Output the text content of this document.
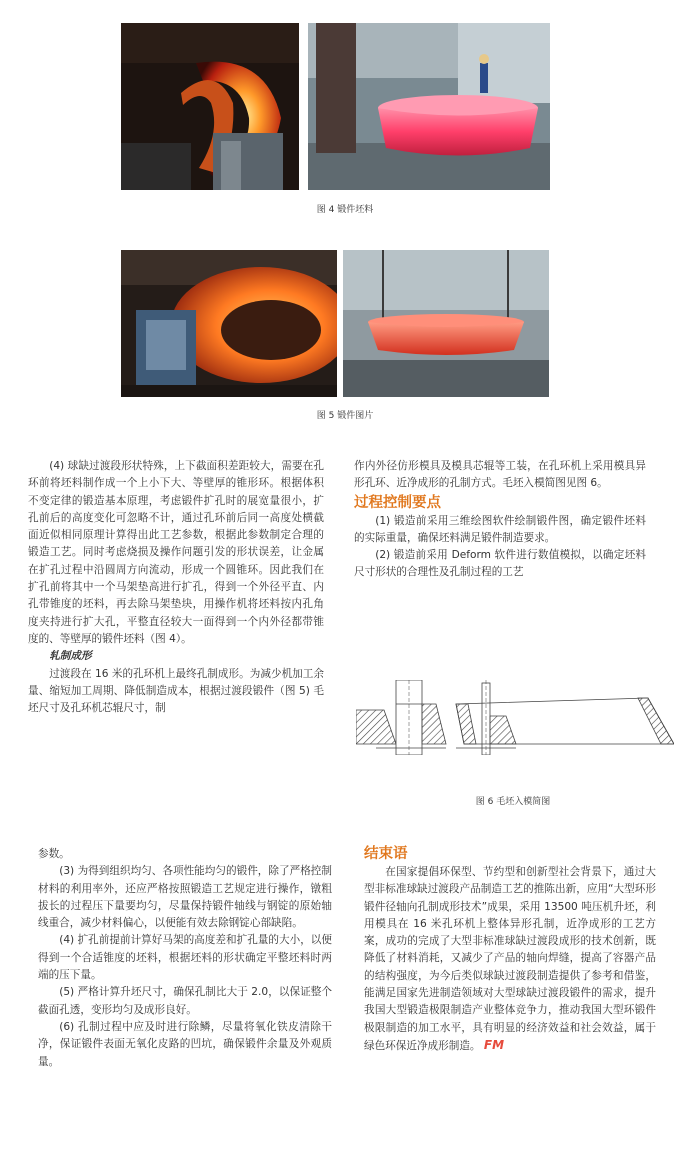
图 4 锻件坯料
图 5 锻件图片

(4) 球缺过渡段形状特殊，上下截面积差距较大，需要在孔环前将坯料制作成一个上小下大、等壁厚的锥形环。根据体积不变定律的锻造基本原理，考虑锻件扩孔时的展宽量很小，扩孔前后的高度变化可忽略不计，通过孔环前后同一高度处横截面近似相同原理计算得出此工艺参数，根据此参数制定合理的锻造工艺。同时考虑烧损及操作问题引发的形状误差，让金属在扩孔过程中沿圆周方向流动，形成一个圆锥环。因此我们在扩孔前将其中一个马架垫高进行扩孔，得到一个外径平直、内孔带锥度的坯料，再去除马架垫块，用操作机将坯料按内孔角度夹持进行扩大孔，平整直径较大一面得到一个内外径都带锥度的、等壁厚的锻件坯料（图 4）。

轧制成形

过渡段在 16 米的孔环机上最终孔制成形。为减少机加工余量、缩短加工周期、降低制造成本，根据过渡段锻件（图 5) 毛坯尺寸及孔环机芯辊尺寸，制

作内外径仿形模具及模具芯辊等工装，在孔环机上采用模具异形孔环、近净成形的孔制方式。毛坯入模简图见图 6。

过程控制要点

(1) 锻造前采用三维绘图软件绘制锻件图，确定锻件坯料的实际重量，确保坯料满足锻件制造要求。

(2) 锻造前采用 Deform 软件进行数值模拟，以确定坯料尺寸形状的合理性及孔制过程的工艺

图 6 毛坯入模简图

参数。

(3) 为得到组织均匀、各项性能均匀的锻件，除了严格控制材料的利用率外，还应严格按照锻造工艺规定进行操作，镦粗拔长的过程压下量要均匀，尽量保持锻件轴线与钢锭的原始轴线重合，减少材料偏心，以便能有效去除钢锭心部缺陷。

(4) 扩孔前提前计算好马架的高度差和扩孔量的大小，以便得到一个合适锥度的坯料，根据坯料的形状确定平整坯料时两端的压下量。

(5) 严格计算升坯尺寸，确保孔制比大于 2.0，以保证整个截面孔透，变形均匀及成形良好。

(6) 孔制过程中应及时进行除鳞，尽量将氧化铁皮清除干净，保证锻件表面无氧化皮路的凹坑，确保锻件余量及外观质量。

结束语

在国家提倡环保型、节约型和创新型社会背景下，通过大型非标准球缺过渡段产品制造工艺的推陈出新，应用“大型环形锻件径轴向孔制成形技术”成果，采用 13500 吨压机升坯，利用模具在 16 米孔环机上整体异形孔制，近净成形的工艺方案，成功的完成了大型非标准球缺过渡段成形的技术创新，既降低了材料消耗，又减少了产品的轴向焊缝，提高了容器产品的结构强度，为今后类似球缺过渡段制造提供了参考和借鉴，能满足国家先进制造领域对大型球缺过渡段锻件的需求，提升我国大型锻造极限制造产业整体竞争力，推动我国大型环锻件极限制造的加工水平，具有明显的经济效益和社会效益，属于绿色环保近净成形制造。 FM
